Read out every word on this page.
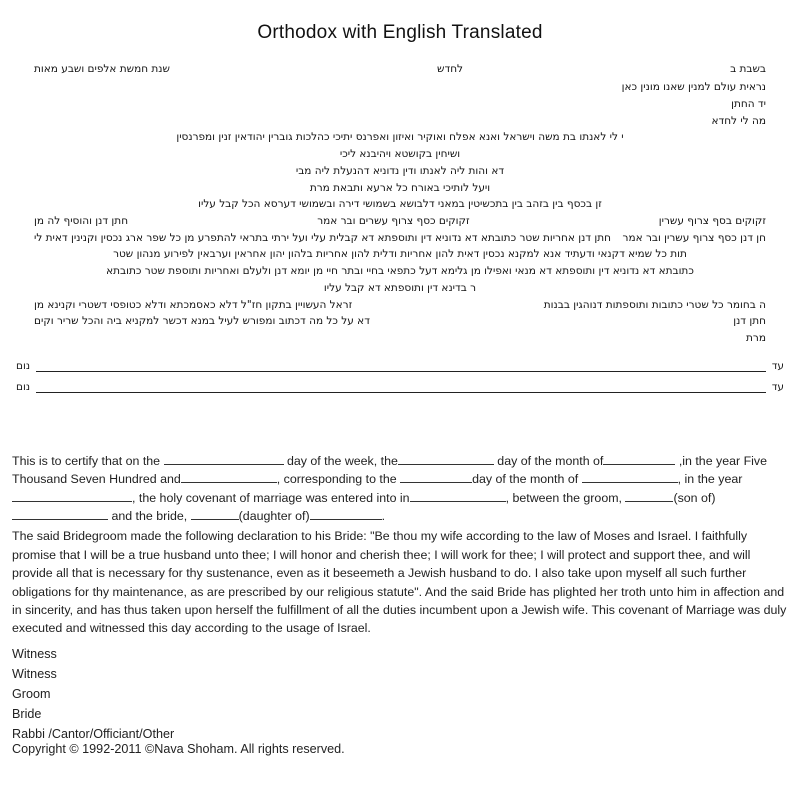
Orthodox with English Translated
בשבת ב
לחדש
שנת חמשת אלפים ושבע מאות
נראית עולם למנין שאנו מונין כאן
יד החתן
מה לי לחדא
י לי לאנתו בת משה וישראל ואנא אפלח ואוקיר ואיזון ואפרנס יתיכי כהלכות גוברין יהודאין זנין ומפרנסין
ושיחין בקושטא ויהיבנא ליכי
דא והות ליה לאנתו ודין נדוניא דהנעלת ליה מבי
ויעל לותיכי באורח כל ארעא ותבאת מרת
זן בכסף בין בזהב בין בתכשיטין במאני דלבושא בשמושי דירה ובשמושי דערסא הכל קבל עליו
זקוקים בסף צרוף עשרין
זקוקים כסף צרוף עשרים ובר אמר
חתן דנן והוסיף לה מן
חן דנן כסף צרוף עשרין ובר אמר
חתן דנן אחריות שטר כתובתא דא נדוניא דין ותוספתא דא קבלית עלי ועל ירתי בתראי להתפרע מן כל שפר ארג נכסין וקנינין דאית לי
תות כל שמיא דקנאי ודעתיד אנא למקנא נכסין דאית להון אחריות ודלית להון אחריות בלהון יהון אחראין וערבאין לפירוע מנהון שטר
כתובתא דא נדוניא דין ותוספתא דא מנאי ואפילו מן גלימא דעל כתפאי בחיי ובתר חיי מן יומא דנן ולעלם ואחריות ותוספת שטר כתובתא
ר בדינא דין ותוספתא דא קבל עליו
ה בחומר כל שטרי כתובות ותוספתות דנוהגין בבנות
זראל העשויין בתקון חז"ל דלא כאסמכתא ודלא כטופסי דשטרי וקנינא מן
חתן דנן
דא על כל מה דכתוב ומפורש לעיל במנא דכשר למקניא ביה והכל שריר וקים
מרת
עד
נום
עד
נום

This is to certify that on the	day of the week, the	day of the month of	,in the year Five Thousand Seven Hundred and	, corresponding to the	day of the month of	, in the year , the holy covenant of marriage was entered into in	, between the groom,	(son of) and the bride,	(daughter of)	.

The said Bridegroom made the following declaration to his Bride: "Be thou my wife according to the law of Moses and Israel. I faithfully promise that I will be a true husband unto thee; I will honor and cherish thee; I will work for thee; I will protect and support thee, and will provide all that is necessary for thy sustenance, even as it beseemeth a Jewish husband to do. I also take upon myself all such further obligations for thy maintenance, as are prescribed by our religious statute". And the said Bride has plighted her troth unto him in affection and in sincerity, and has thus taken upon herself the fulfillment of all the duties incumbent upon a Jewish wife. This covenant of Marriage was duly executed and witnessed this day according to the usage of Israel.

Witness
Witness
Groom
Bride
Rabbi /Cantor/Officiant/Other
Copyright © 1992-2011 ©Nava Shoham. All rights reserved.
